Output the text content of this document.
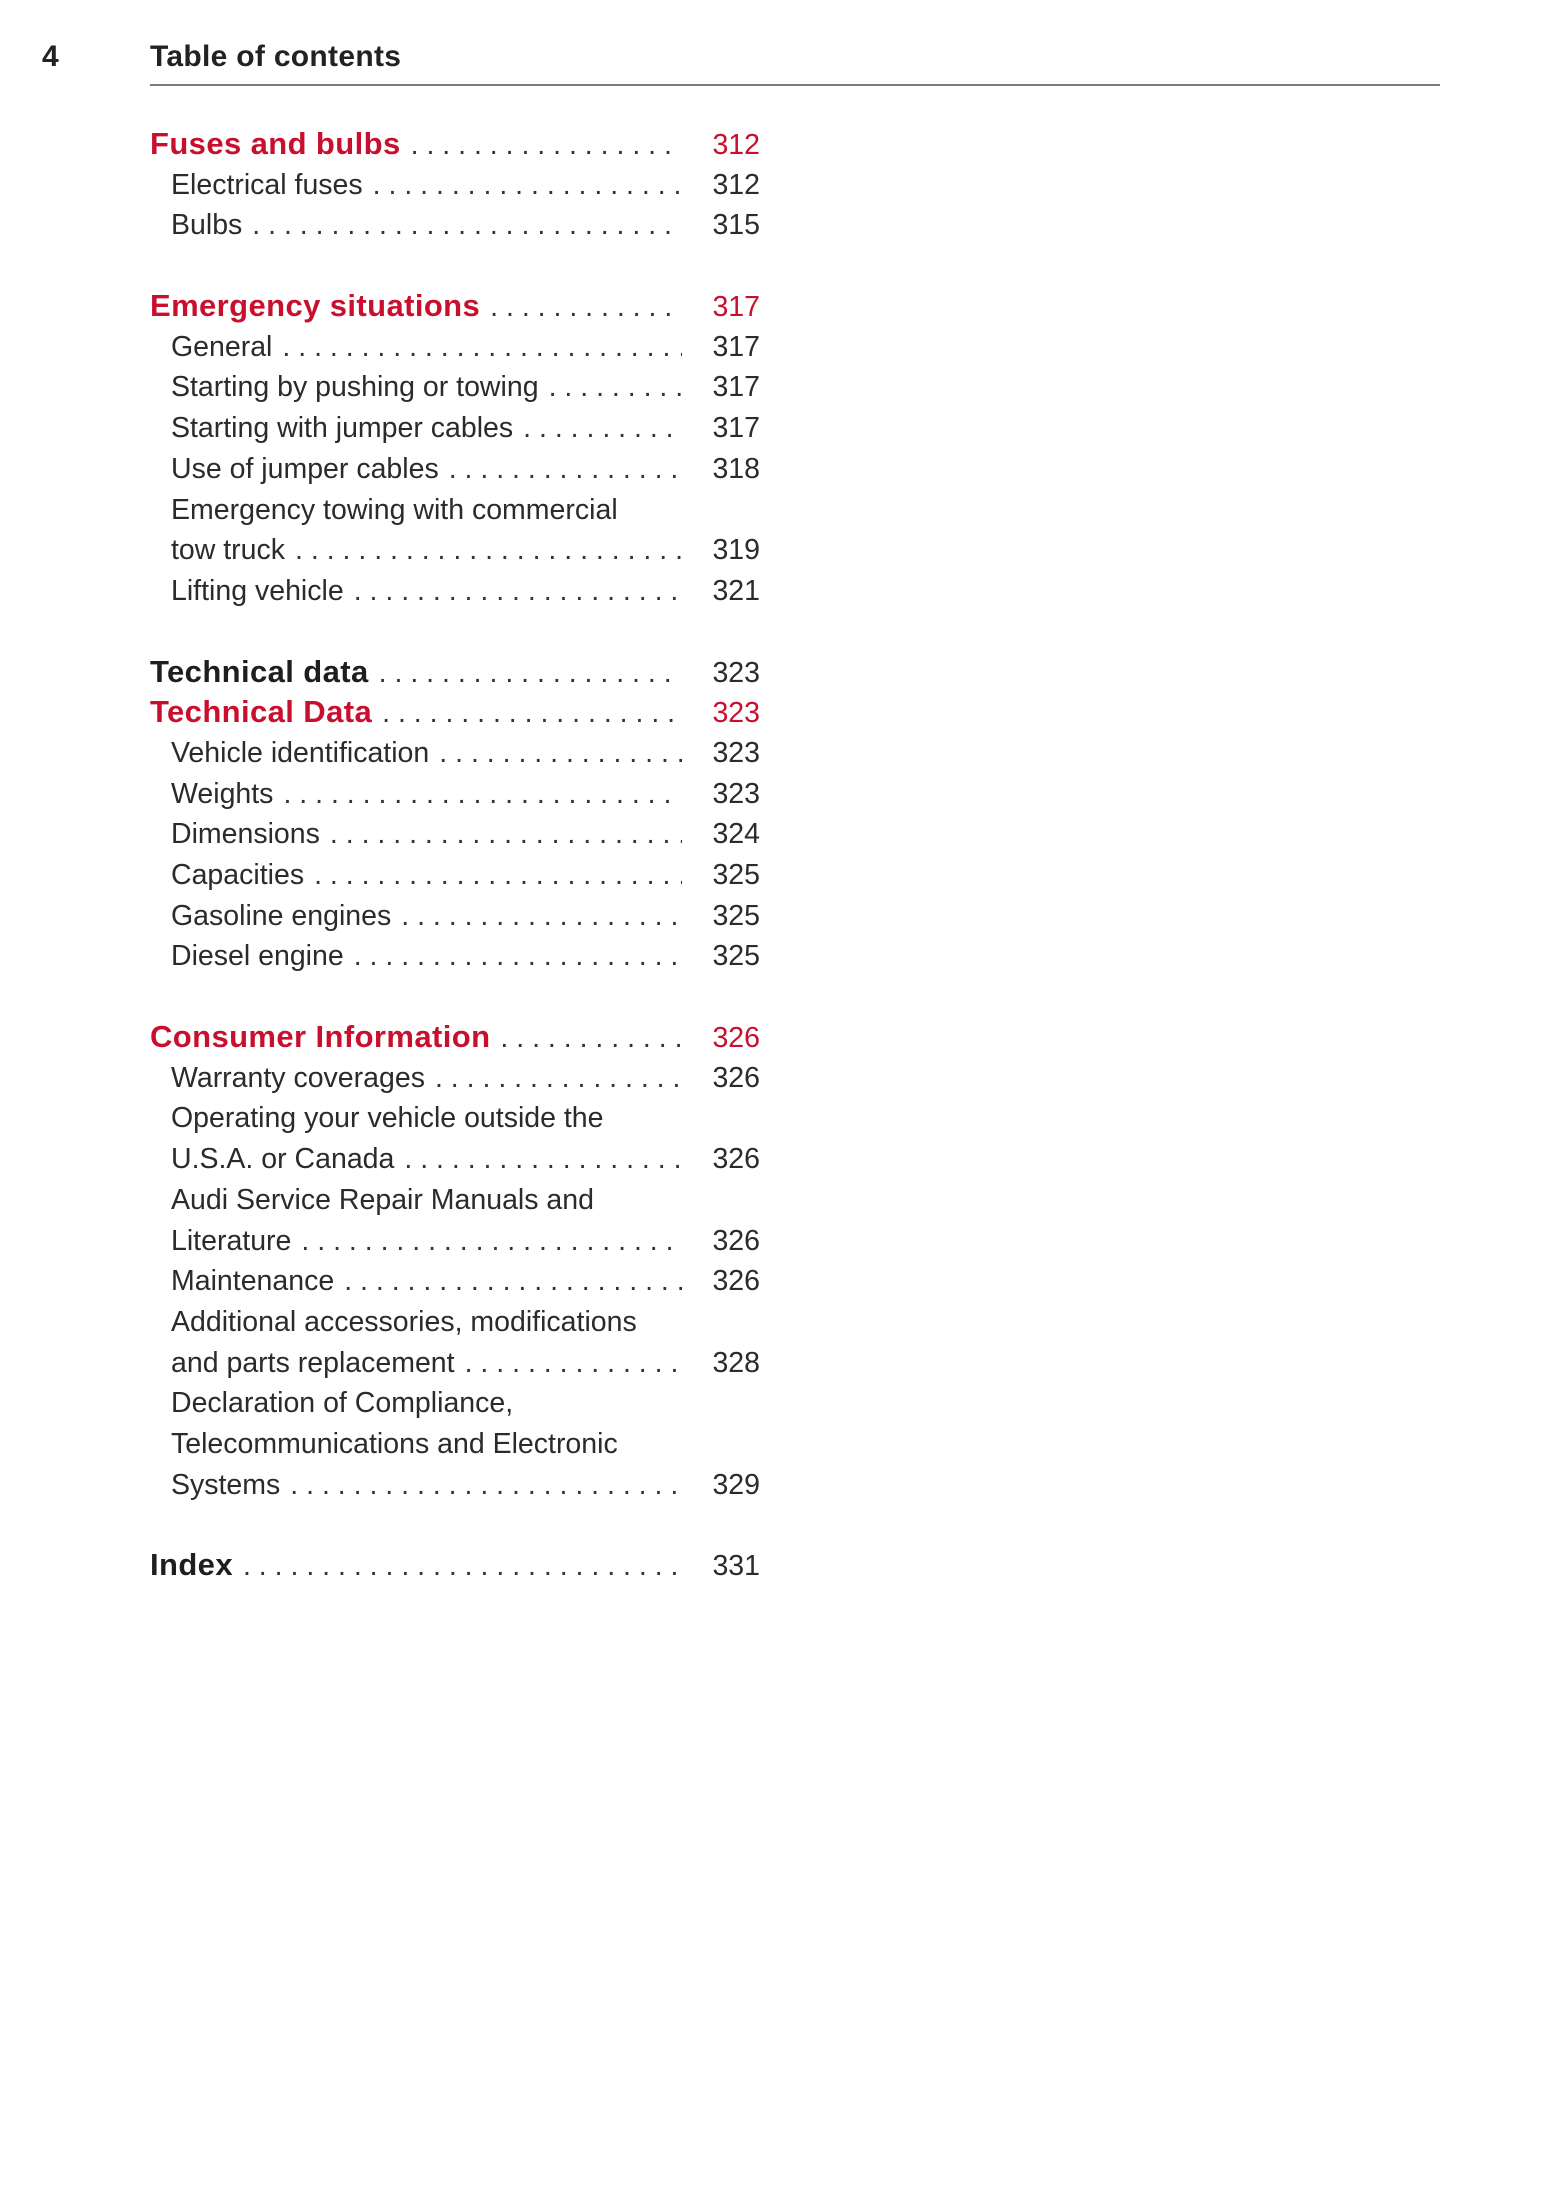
4	Table of contents
Fuses and bulbs . . .	312
Electrical fuses . . .	312
Bulbs . . .	315
Emergency situations . . .	317
General . . .	317
Starting by pushing or towing . . .	317
Starting with jumper cables . . .	317
Use of jumper cables . . .	318
Emergency towing with commercial
tow truck . . .	319
Lifting vehicle . . .	321
Technical data . . .	323
Technical Data . . .	323
Vehicle identification . . .	323
Weights . . .	323
Dimensions . . .	324
Capacities . . .	325
Gasoline engines . . .	325
Diesel engine . . .	325
Consumer Information . . .	326
Warranty coverages . . .	326
Operating your vehicle outside the
U.S.A. or Canada . . .	326
Audi Service Repair Manuals and
Literature . . .	326
Maintenance . . .	326
Additional accessories, modifications
and parts replacement . . .	328
Declaration of Compliance,
Telecommunications and Electronic
Systems . . .	329
Index . . .	331
